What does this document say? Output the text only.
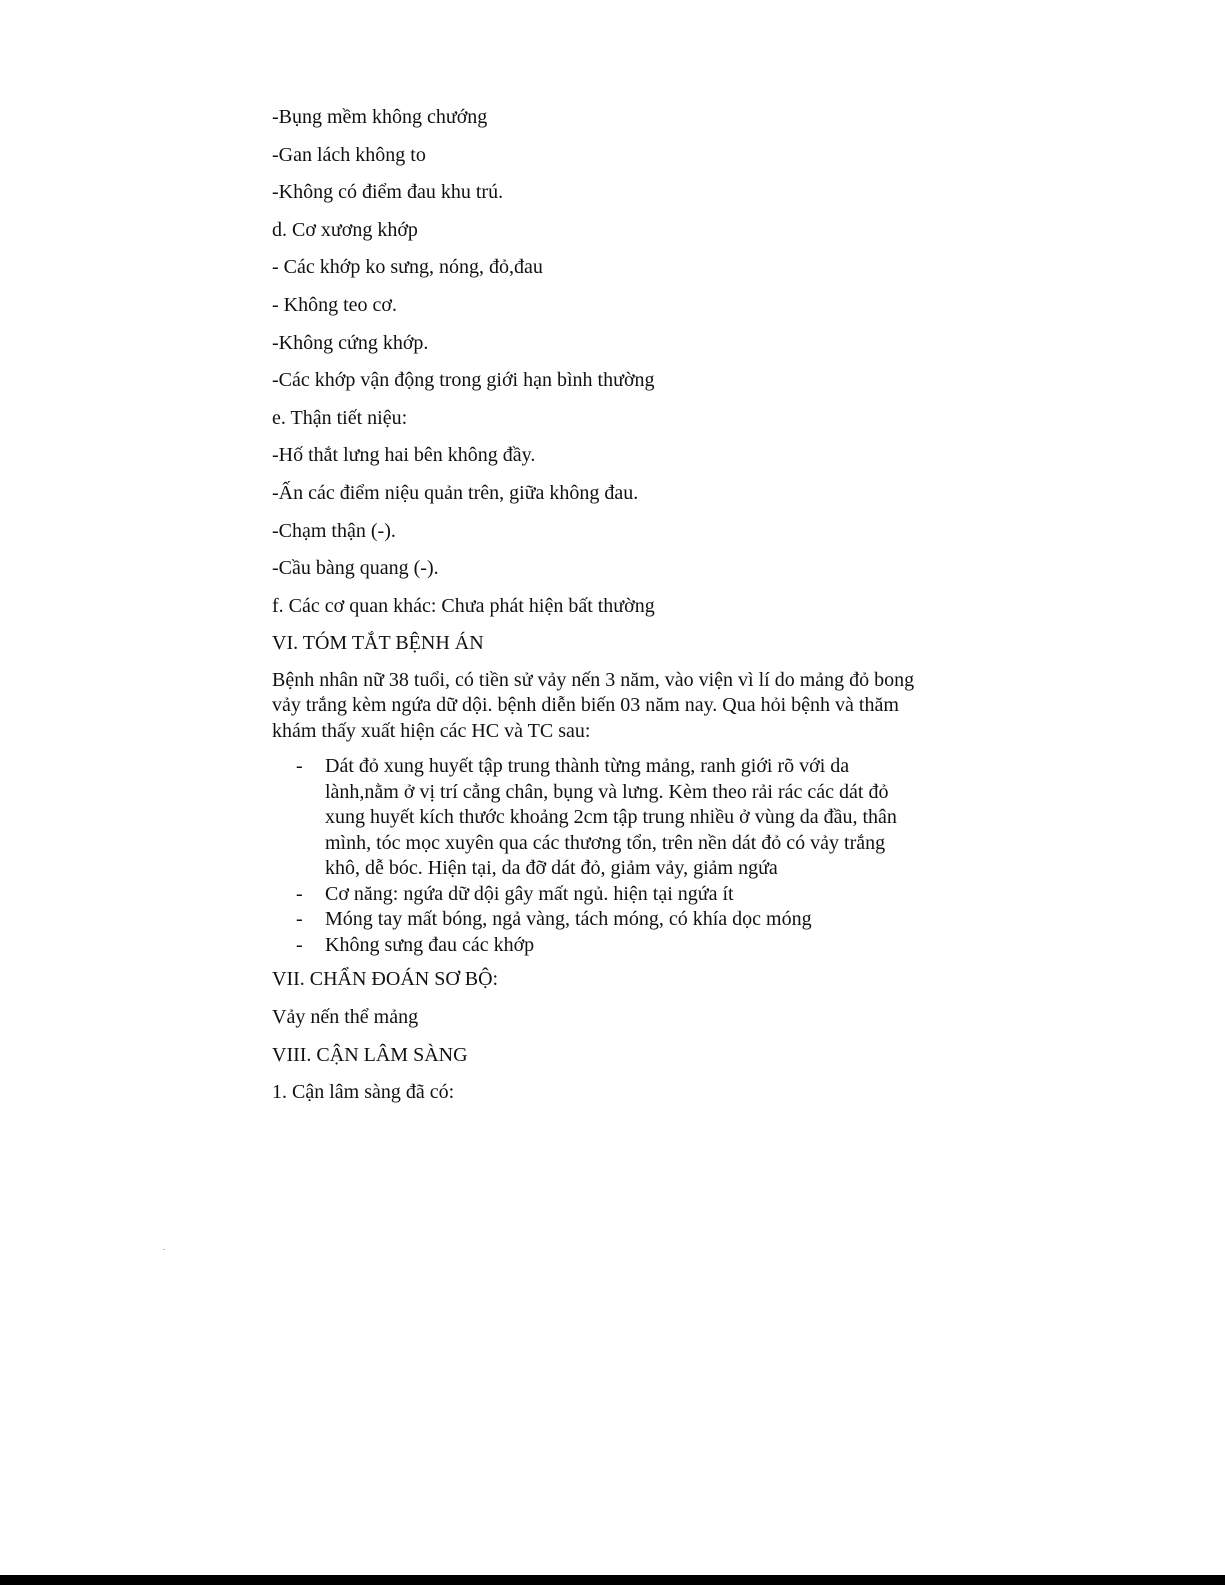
-Bụng mềm không chướng
-Gan lách không to
-Không có điểm đau khu trú.
d. Cơ xương khớp
- Các khớp ko sưng, nóng, đỏ,đau
- Không teo cơ.
-Không cứng khớp.
-Các khớp vận động trong giới hạn bình thường
e. Thận tiết niệu:
-Hố thắt lưng hai bên không đầy.
-Ấn các điểm niệu quản trên, giữa không đau.
-Chạm thận (-).
-Cầu bàng quang (-).
f. Các cơ quan khác: Chưa phát hiện bất thường
VI. TÓM TẮT BỆNH ÁN
Bệnh nhân nữ 38 tuổi, có tiền sử vảy nến 3 năm, vào viện vì lí do mảng đỏ bong vảy trắng kèm ngứa dữ dội. bệnh diễn biến 03 năm nay. Qua hỏi bệnh và thăm khám thấy xuất hiện các HC và TC sau:
- Dát đỏ xung huyết tập trung thành từng mảng, ranh giới rõ với da lành,nằm ở vị trí cẳng chân, bụng và lưng. Kèm theo rải rác các dát đỏ xung huyết kích thước khoảng 2cm tập trung nhiều ở vùng da đầu, thân mình, tóc mọc xuyên qua các thương tổn, trên nền dát đỏ có vảy trắng khô, dễ bóc. Hiện tại, da đỡ dát đỏ, giảm vảy, giảm ngứa
- Cơ năng: ngứa dữ dội gây mất ngủ. hiện tại ngứa ít
- Móng tay mất bóng, ngả vàng, tách móng, có khía dọc móng
- Không sưng đau các khớp
VII. CHẨN ĐOÁN SƠ BỘ:
Vảy nến thể mảng
VIII. CẬN LÂM SÀNG
1. Cận lâm sàng đã có:
